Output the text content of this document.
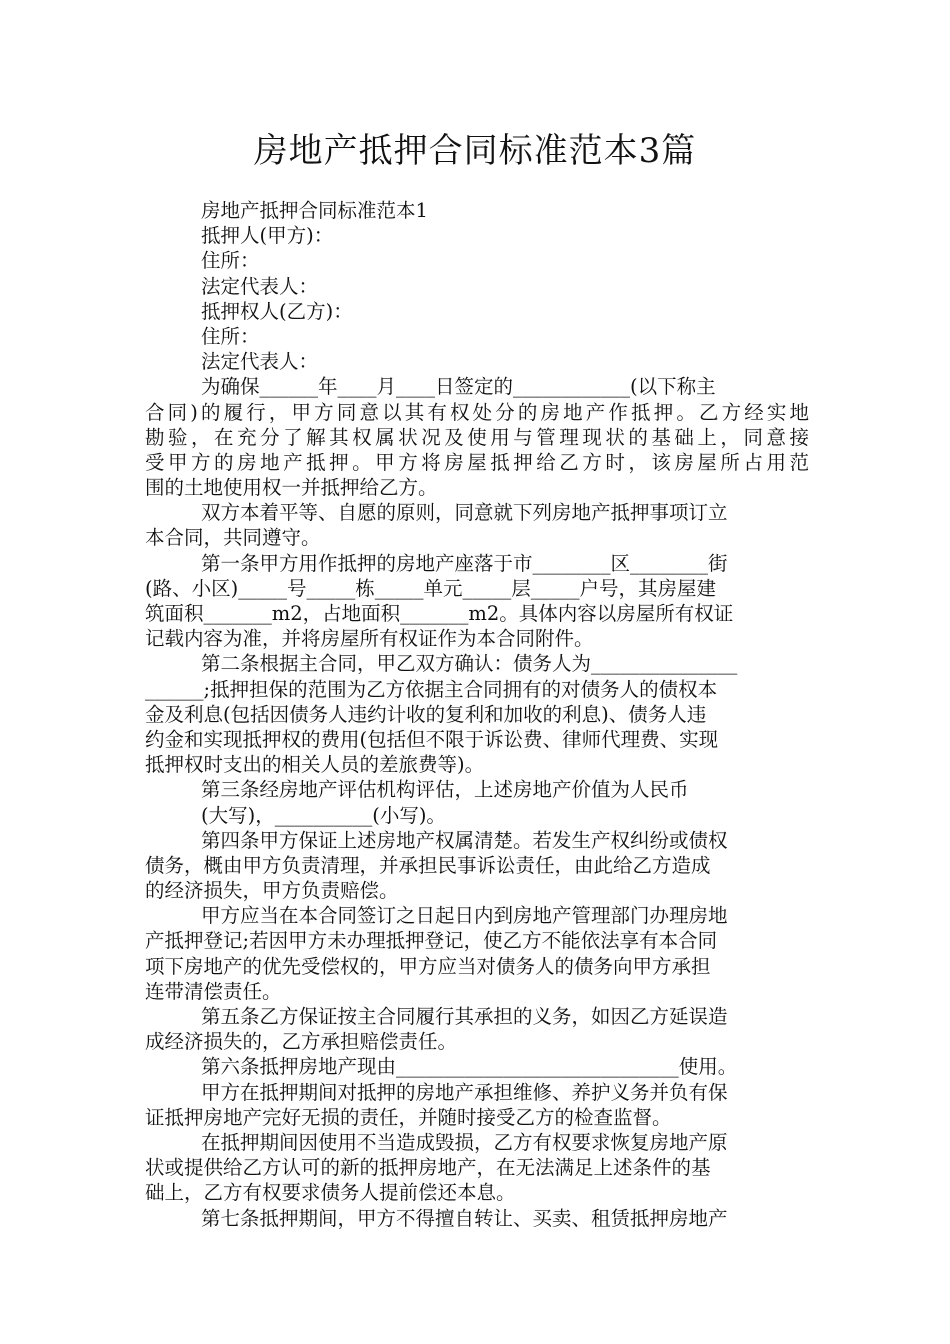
房地产抵押合同标准范本3篇
房地产抵押合同标准范本1
抵押人(甲方)：
住所：
法定代表人：
抵押权人(乙方)：
住所：
法定代表人：
为确保______年____月____日签定的____________(以下称主
合同)的履行，甲方同意以其有权处分的房地产作抵押。乙方经实地
勘验，在充分了解其权属状况及使用与管理现状的基础上，同意接
受甲方的房地产抵押。甲方将房屋抵押给乙方时，该房屋所占用范
围的土地使用权一并抵押给乙方。
双方本着平等、自愿的原则，同意就下列房地产抵押事项订立
本合同，共同遵守。
第一条甲方用作抵押的房地产座落于市________区________街
(路、小区)_____号_____栋_____单元_____层_____户号，其房屋建
筑面积_______m2，占地面积_______m2。具体内容以房屋所有权证
记载内容为准，并将房屋所有权证作为本合同附件。
第二条根据主合同，甲乙双方确认：债务人为_______________
______;抵押担保的范围为乙方依据主合同拥有的对债务人的债权本
金及利息(包括因债务人违约计收的复利和加收的利息)、债务人违
约金和实现抵押权的费用(包括但不限于诉讼费、律师代理费、实现
抵押权时支出的相关人员的差旅费等)。
第三条经房地产评估机构评估，上述房地产价值为人民币
(大写)，__________(小写)。
第四条甲方保证上述房地产权属清楚。若发生产权纠纷或债权
债务，概由甲方负责清理，并承担民事诉讼责任，由此给乙方造成
的经济损失，甲方负责赔偿。
甲方应当在本合同签订之日起日内到房地产管理部门办理房地
产抵押登记;若因甲方未办理抵押登记，使乙方不能依法享有本合同
项下房地产的优先受偿权的，甲方应当对债务人的债务向甲方承担
连带清偿责任。
第五条乙方保证按主合同履行其承担的义务，如因乙方延误造
成经济损失的，乙方承担赔偿责任。
第六条抵押房地产现由_____________________________使用。
甲方在抵押期间对抵押的房地产承担维修、养护义务并负有保
证抵押房地产完好无损的责任，并随时接受乙方的检查监督。
在抵押期间因使用不当造成毁损，乙方有权要求恢复房地产原
状或提供给乙方认可的新的抵押房地产，在无法满足上述条件的基
础上，乙方有权要求债务人提前偿还本息。
第七条抵押期间，甲方不得擅自转让、买卖、租赁抵押房地产
